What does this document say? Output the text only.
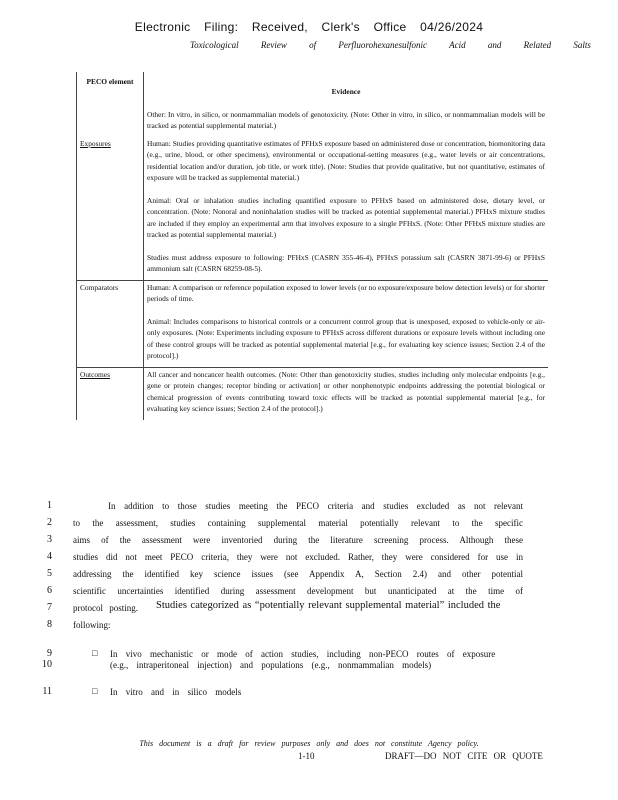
Electronic Filing: Received, Clerk's Office 04/26/2024
Toxicological Review of Perfluorohexanesulfonic Acid and Related Salts
PECO element	Evidence

	Other: In vitro, in silico, or nonmammalian models of genotoxicity. (Note: Other in vitro, in silico, or nonmammalian models will be tracked as potential supplemental material.)

Exposures	Human: Studies providing quantitative estimates of PFHxS exposure based on administered dose or concentration, biomonitoring data (e.g., urine, blood, or other specimens), environmental or occupational-setting measures (e.g., water levels or air concentrations, residential location and/or duration, job title, or work title). (Note: Studies that provide qualitative, but not quantitative, estimates of exposure will be tracked as supplemental material.)

Animal: Oral or inhalation studies including quantified exposure to PFHxS based on administered dose, dietary level, or concentration. (Note: Nonoral and noninhalation studies will be tracked as potential supplemental material.) PFHxS mixture studies are included if they employ an experimental arm that involves exposure to a single PFHxS. (Note: Other PFHxS mixture studies are tracked as potential supplemental material.)

Studies must address exposure to following: PFHxS (CASRN 355-46-4), PFHxS potassium salt (CASRN 3871-99-6) or PFHxS ammonium salt (CASRN 68259-08-5).

Comparators	Human: A comparison or reference population exposed to lower levels (or no exposure/exposure below detection levels) or for shorter periods of time.

Animal: Includes comparisons to historical controls or a concurrent control group that is unexposed, exposed to vehicle-only or air-only exposures. (Note: Experiments including exposure to PFHxS across different durations or exposure levels without including one of these control groups will be tracked as potential supplemental material [e.g., for evaluating key science issues; Section 2.4 of the protocol].)

Outcomes	All cancer and noncancer health outcomes. (Note: Other than genotoxicity studies, studies including only molecular endpoints [e.g., gene or protein changes; receptor binding or activation] or other nonphenotypic endpoints addressing the potential biological or chemical progression of events contributing toward toxic effects will be tracked as potential supplemental material [e.g., for evaluating key science issues; Section 2.4 of the protocol].)

1
2
3
4
5
6
7
8
In addition to those studies meeting the PECO criteria and studies excluded as not relevant
to the assessment, studies containing supplemental material potentially relevant to the specific
aims of the assessment were inventoried during the literature screening process. Although these
studies did not meet PECO criteria, they were not excluded. Rather, they were considered for use in
addressing the identified key science issues (see Appendix A, Section 2.4) and other potential
scientific uncertainties identified during assessment development but unanticipated at the time of
protocol posting. Studies categorized as “potentially relevant supplemental material” included the
following:
9
10
□ In vivo mechanistic or mode of action studies, including non-PECO routes of exposure
(e.g., intraperitoneal injection) and populations (e.g., nonmammalian models)
11	□ In vitro and in silico models
This document is a draft for review purposes only and does not constitute Agency policy.
1-10	DRAFT—DO NOT CITE OR QUOTE
